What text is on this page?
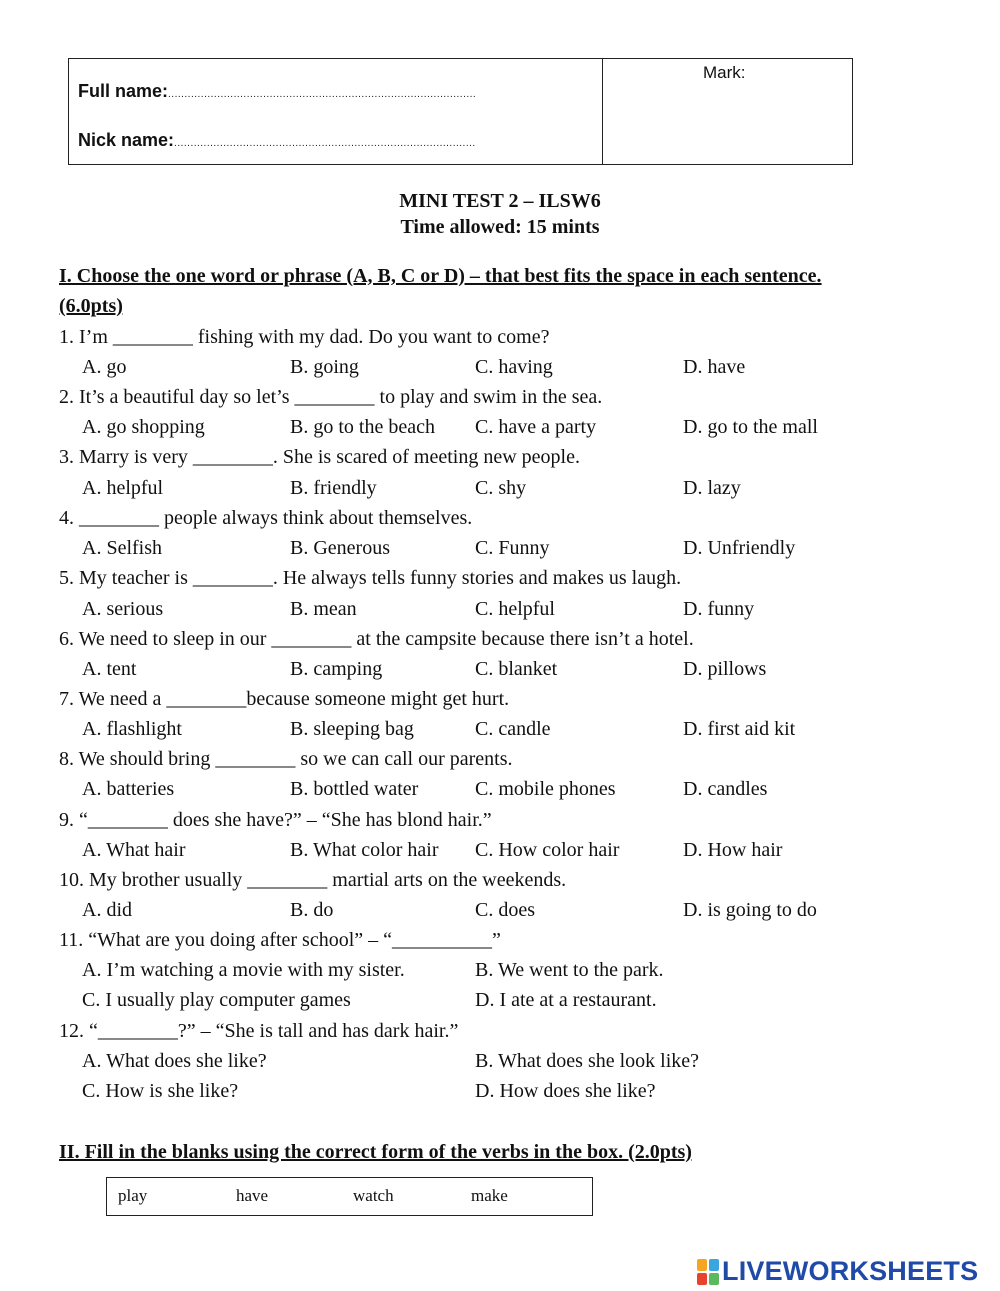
Full name:..............................................................................................
Nick name:............................................................................................
Mark:
MINI TEST 2 – ILSW6
Time allowed: 15 mints
I. Choose the one word or phrase (A, B, C or D) – that best fits the space in each sentence.
(6.0pts)
1. I’m ________ fishing with my dad. Do you want to come?
A. go	B. going	C. having	D. have
2. It’s a beautiful day so let’s ________ to play and swim in the sea.
A. go shopping	B. go to the beach C. have a party	D. go to the mall
3. Marry is very ________. She is scared of meeting new people.
A. helpful	B. friendly	C. shy	D. lazy
4. ________ people always think about themselves.
A. Selfish	B. Generous	C. Funny	D. Unfriendly
5. My teacher is ________. He always tells funny stories and makes us laugh.
A. serious	B. mean	C. helpful	D. funny
6. We need to sleep in our ________ at the campsite because there isn’t a hotel.
A. tent	B. camping	C. blanket	D. pillows
7. We need a ________because someone might get hurt.
A. flashlight	B. sleeping bag	C. candle	D. first aid kit
8. We should bring ________ so we can call our parents.
A. batteries	B. bottled water	C. mobile phones	D. candles
9. “________ does she have?” – “She has blond hair.”
A. What hair	B. What color hair C. How color hair	D. How hair
10. My brother usually ________ martial arts on the weekends.
A. did	B. do	C. does	D. is going to do
11. “What are you doing after school” – “__________”
A. I’m watching a movie with my sister.	B. We went to the park.
C. I usually play computer games	D. I ate at a restaurant.
12. “________?” – “She is tall and has dark hair.”
A. What does she like?	B. What does she look like?
C. How is she like?	D. How does she like?
II. Fill in the blanks using the correct form of the verbs in the box. (2.0pts)
play	have	watch	make
LIVEWORKSHEETS
